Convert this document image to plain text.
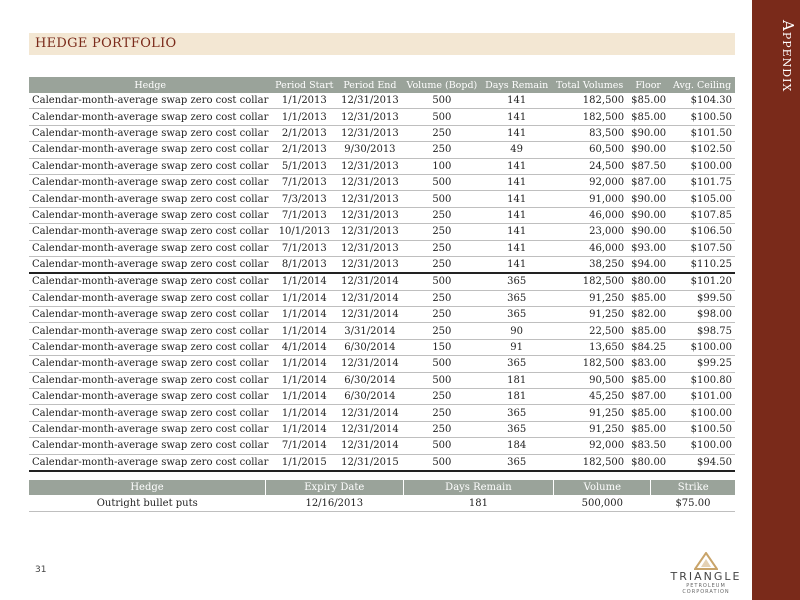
Appendix
HEDGE PORTFOLIO
Hedge	Period Start	Period End	Volume (Bopd)	Days Remain	Total Volumes	Floor	Avg. Ceiling
Calendar-month-average swap zero cost collar	1/1/2013	12/31/2013	500	141	182,500	$85.00	$104.30
Calendar-month-average swap zero cost collar	1/1/2013	12/31/2013	500	141	182,500	$85.00	$100.50
Calendar-month-average swap zero cost collar	2/1/2013	12/31/2013	250	141	83,500	$90.00	$101.50
Calendar-month-average swap zero cost collar	2/1/2013	9/30/2013	250	49	60,500	$90.00	$102.50
Calendar-month-average swap zero cost collar	5/1/2013	12/31/2013	100	141	24,500	$87.50	$100.00
Calendar-month-average swap zero cost collar	7/1/2013	12/31/2013	500	141	92,000	$87.00	$101.75
Calendar-month-average swap zero cost collar	7/3/2013	12/31/2013	500	141	91,000	$90.00	$105.00
Calendar-month-average swap zero cost collar	7/1/2013	12/31/2013	250	141	46,000	$90.00	$107.85
Calendar-month-average swap zero cost collar	10/1/2013	12/31/2013	250	141	23,000	$90.00	$106.50
Calendar-month-average swap zero cost collar	7/1/2013	12/31/2013	250	141	46,000	$93.00	$107.50
Calendar-month-average swap zero cost collar	8/1/2013	12/31/2013	250	141	38,250	$94.00	$110.25
Calendar-month-average swap zero cost collar	1/1/2014	12/31/2014	500	365	182,500	$80.00	$101.20
Calendar-month-average swap zero cost collar	1/1/2014	12/31/2014	250	365	91,250	$85.00	$99.50
Calendar-month-average swap zero cost collar	1/1/2014	12/31/2014	250	365	91,250	$82.00	$98.00
Calendar-month-average swap zero cost collar	1/1/2014	3/31/2014	250	90	22,500	$85.00	$98.75
Calendar-month-average swap zero cost collar	4/1/2014	6/30/2014	150	91	13,650	$84.25	$100.00
Calendar-month-average swap zero cost collar	1/1/2014	12/31/2014	500	365	182,500	$83.00	$99.25
Calendar-month-average swap zero cost collar	1/1/2014	6/30/2014	500	181	90,500	$85.00	$100.80
Calendar-month-average swap zero cost collar	1/1/2014	6/30/2014	250	181	45,250	$87.00	$101.00
Calendar-month-average swap zero cost collar	1/1/2014	12/31/2014	250	365	91,250	$85.00	$100.00
Calendar-month-average swap zero cost collar	1/1/2014	12/31/2014	250	365	91,250	$85.00	$100.50
Calendar-month-average swap zero cost collar	7/1/2014	12/31/2014	500	184	92,000	$83.50	$100.00
Calendar-month-average swap zero cost collar	1/1/2015	12/31/2015	500	365	182,500	$80.00	$94.50
Hedge	Expiry Date	Days Remain	Volume	Strike
Outright bullet puts	12/16/2013	181	500,000	$75.00
31	TRIANGLE
PETROLEUM CORPORATION
